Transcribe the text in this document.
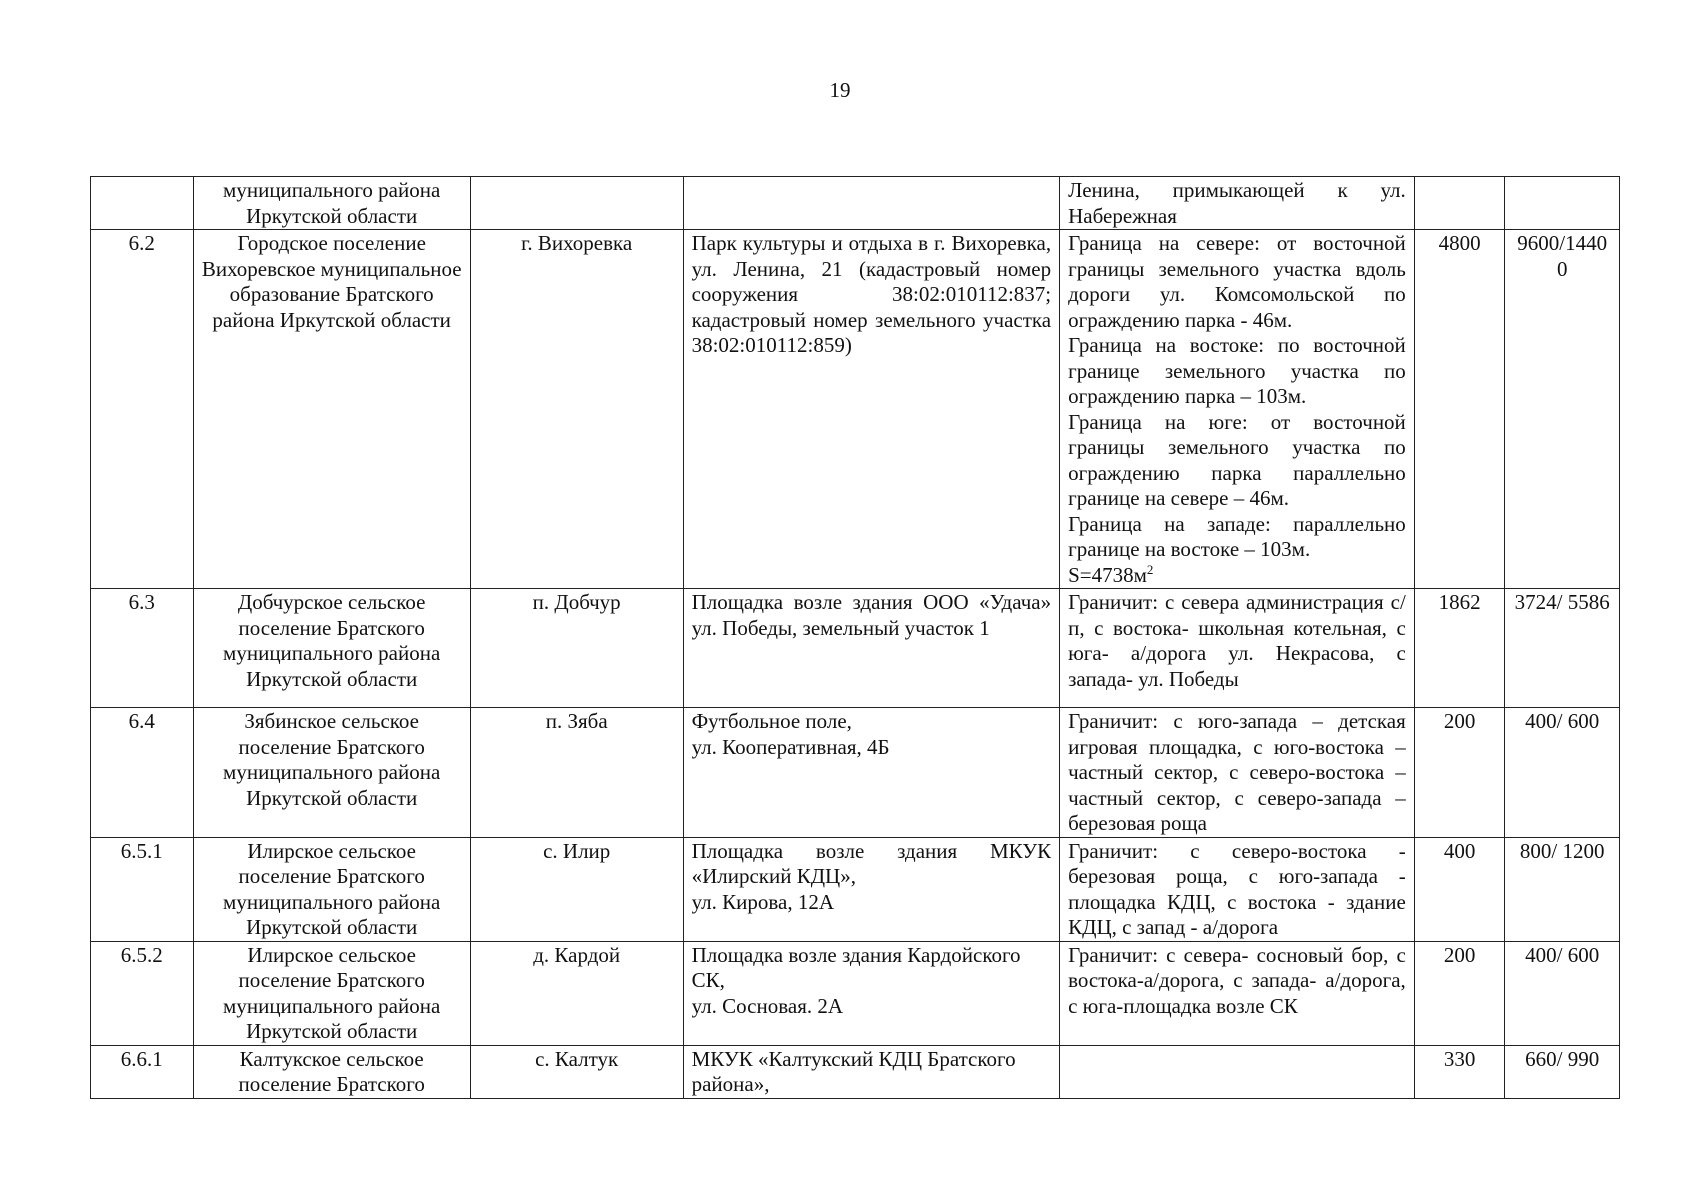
19
	муниципального района Иркутской области			Ленина, примыкающей к ул. Набережная		

6.2	Городское поселение Вихоревское муниципальное образование Братского района Иркутской области	г. Вихоревка	Парк культуры и отдыха в г. Вихоревка, ул. Ленина, 21 (кадастровый номер сооружения 38:02:010112:837; кадастровый номер земельного участка 38:02:010112:859)	Граница на севере: от восточной границы земельного участка вдоль дороги ул. Комсомольской по ограждению парка - 46м.
Граница на востоке: по восточной границе земельного участка по ограждению парка – 103м.
Граница на юге: от восточной границы земельного участка по ограждению парка параллельно границе на севере – 46м.
Граница на западе: параллельно границе на востоке – 103м.
$S=4738м^2$	4800	9600/14400
6.3	Добчурское сельское поселение Братского муниципального района Иркутской области	п. Добчур	Площадка возле здания ООО «Удача» ул. Победы, земельный участок 1	Граничит: с севера администрация с/п, с востока- школьная котельная, с юга- а/дорога ул. Некрасова, с запада- ул. Победы	1862	3724/ 5586
6.4	Зябинское сельское поселение Братского муниципального района Иркутской области	п. Зяба	Футбольное поле,
ул. Кооперативная, 4Б	Граничит: с юго-запада – детская игровая площадка, с юго-востока – частный сектор, с северо-востока – частный сектор, с северо-запада – березовая роща	200	400/ 600
6.5.1	Илирское сельское поселение Братского муниципального района Иркутской области	с. Илир	Площадка возле здания МКУК «Илирский КДЦ»,
ул. Кирова, 12А	Граничит: с северо-востока - березовая роща, с юго-запада - площадка КДЦ, с востока - здание КДЦ, с запад - а/дорога	400	800/ 1200
6.5.2	Илирское сельское поселение Братского муниципального района Иркутской области	д. Кардой	Площадка возле здания Кардойского СК,
ул. Сосновая. 2А	Граничит: с севера- сосновый бор, с востока-а/дорога, с запада- а/дорога, с юга-площадка возле СК	200	400/ 600
6.6.1	Калтукское сельское поселение Братского	с. Калтук	МКУК «Калтукский КДЦ Братского района»,		330	660/ 990
